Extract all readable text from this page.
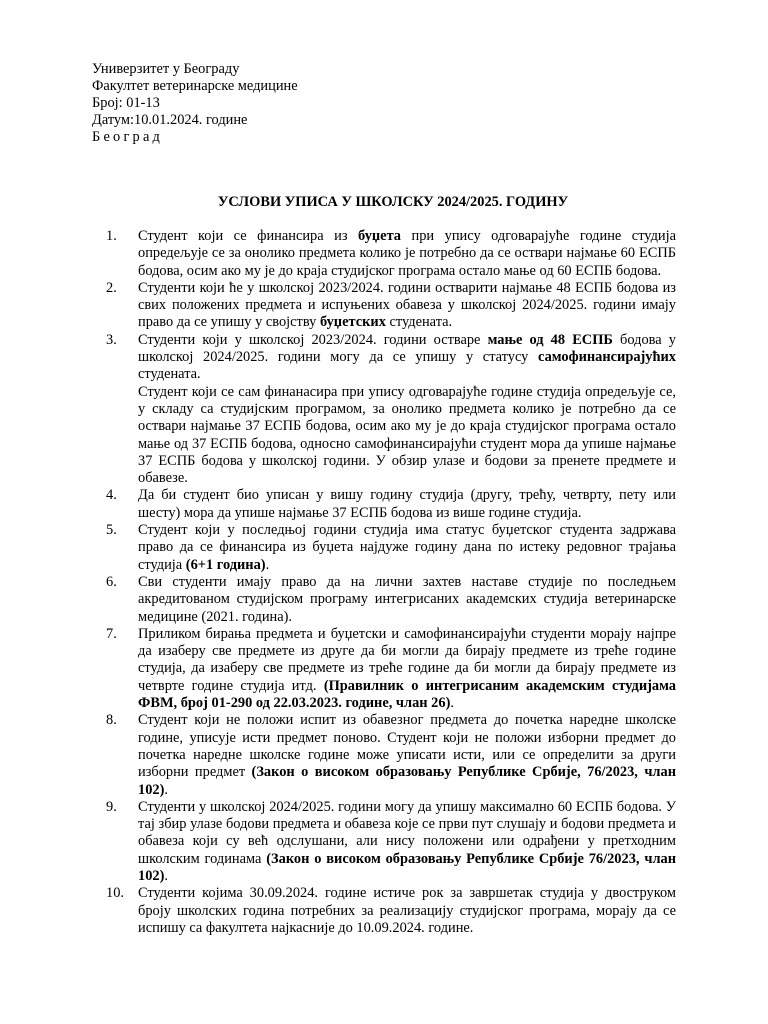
Универзитет у Београду
Факултет ветеринарске медицине
Број: 01-13
Датум:10.01.2024. године
Београд
УСЛОВИ УПИСА У ШКОЛСКУ 2024/2025. ГОДИНУ
1.	Студент који се финансира из буџета при упису одговарајуће године студија опредељује се за онолико предмета колико је потребно да се оствари најмање 60 ЕСПБ бодова, осим ако му је до краја студијског програма остало мање од 60 ЕСПБ бодова.

2.	Студенти који ће у школској 2023/2024. години остварити најмање 48 ЕСПБ бодова из свих положених предмета и испуњених обавеза у школској 2024/2025. години имају право да се упишу у својству буџетских студената.

3.	Студенти који у школској 2023/2024. години остваре мање од 48 ЕСПБ бодова у школској 2024/2025. години могу да се упишу у статусу самофинансирајућих студената.

Студент који се сам финанасира при упису одговарајуће године студија опредељује се, у складу са студијским програмом, за онолико предмета колико је потребно да се оствари најмање 37 ЕСПБ бодова, осим ако му је до краја студијског програма остало мање од 37 ЕСПБ бодова, односно самофинансирајући студент мора да упише најмање 37 ЕСПБ бодова у школској години. У обзир улазе и бодови за пренете предмете и обавезе.

4.	Да би студент био уписан у вишу годину студија (другу, трећу, четврту, пету или шесту) мора да упише најмање 37 ЕСПБ бодова из више године студија.

5.	Студент који у последњој години студија има статус буџетског студента задржава право да се финансира из буџета најдуже годину дана по истеку редовног трајања студија (6+1 година).

6.	Сви студенти имају право да на лични захтев наставе студије по последњем акредитованом студијском програму интегрисаних академских студија ветеринарске медицине (2021. година).

7.	Приликом бирања предмета и буџетски и самофинансирајући студенти морају најпре да изаберу све предмете из друге да би могли да бирају предмете из треће године студија, да изаберу све предмете из треће године да би могли да бирају предмете из четврте године студија итд. (Правилник о интегрисаним академским студијама ФВМ, број 01-290 од 22.03.2023. године, члан 26).

8.	Студент који не положи испит из обавезног предмета до почетка наредне школске године, уписује исти предмет поново. Студент који не положи изборни предмет до почетка наредне школске године може уписати исти, или се определити за други изборни предмет (Закон о високом образовању Републике Србије, 76/2023, члан 102).

9.	Студенти у школској 2024/2025. години могу да упишу максимално 60 ЕСПБ бодова. У тај збир улазе бодови предмета и обавеза које се први пут слушају и бодови предмета и обавеза који су већ одслушани, али нису положени или одрађени у претходним школским годинама (Закон о високом образовању Републике Србије 76/2023, члан 102).

10. Студенти којима 30.09.2024. године истиче рок за завршетак студија у двоструком броју школских година потребних за реализацију студијског програма, морају да се испишу са факултета најкасније до 10.09.2024. године.
